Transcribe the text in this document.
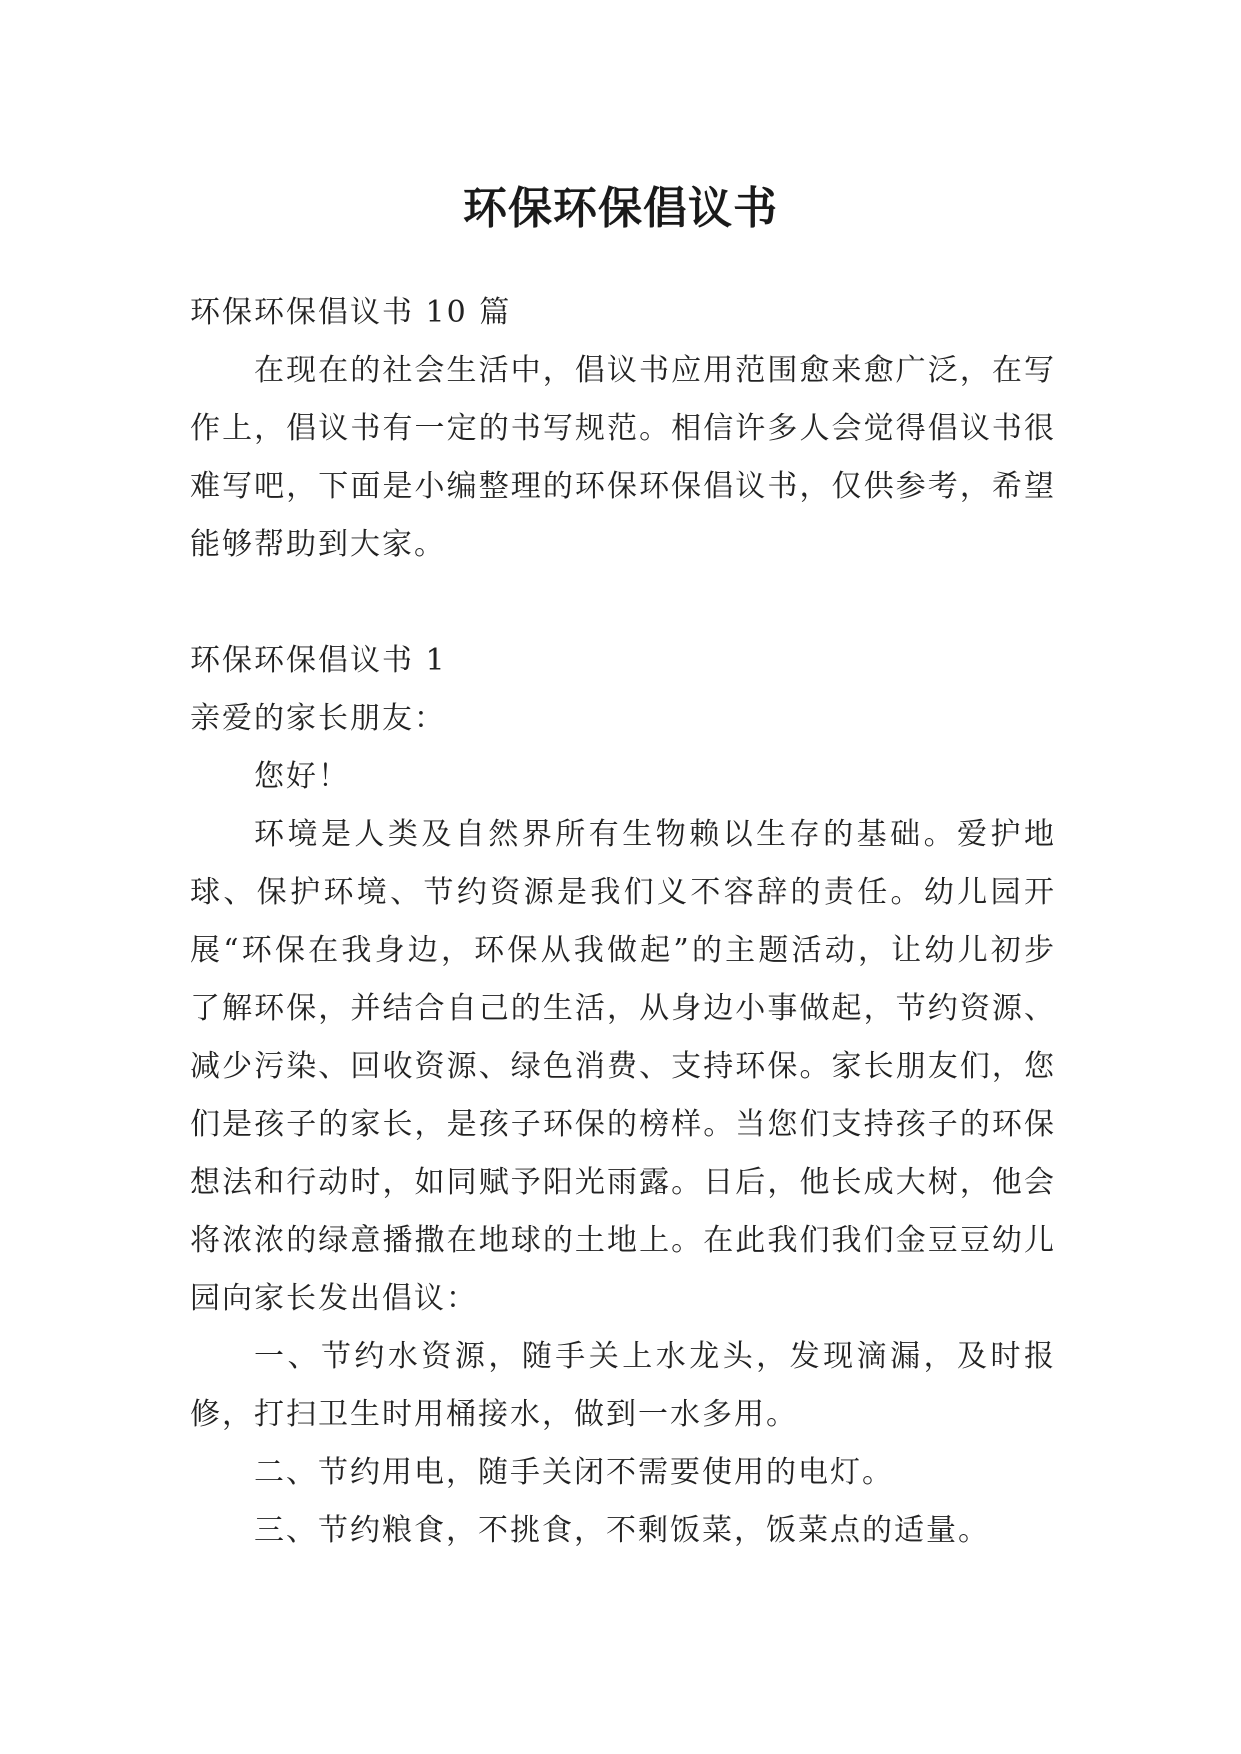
环保环保倡议书

环保环保倡议书 10 篇

在现在的社会生活中，倡议书应用范围愈来愈广泛，在写作上，倡议书有一定的书写规范。相信许多人会觉得倡议书很难写吧，下面是小编整理的环保环保倡议书，仅供参考，希望能够帮助到大家。

环保环保倡议书 1

亲爱的家长朋友：

您好！

环境是人类及自然界所有生物赖以生存的基础。爱护地球、保护环境、节约资源是我们义不容辞的责任。幼儿园开展“环保在我身边，环保从我做起”的主题活动，让幼儿初步了解环保，并结合自己的生活，从身边小事做起，节约资源、减少污染、回收资源、绿色消费、支持环保。家长朋友们，您们是孩子的家长，是孩子环保的榜样。当您们支持孩子的环保想法和行动时，如同赋予阳光雨露。日后，他长成大树，他会将浓浓的绿意播撒在地球的土地上。在此我们我们金豆豆幼儿园向家长发出倡议：

一、节约水资源，随手关上水龙头，发现滴漏，及时报修，打扫卫生时用桶接水，做到一水多用。

二、节约用电，随手关闭不需要使用的电灯。

三、节约粮食，不挑食，不剩饭菜，饭菜点的适量。
